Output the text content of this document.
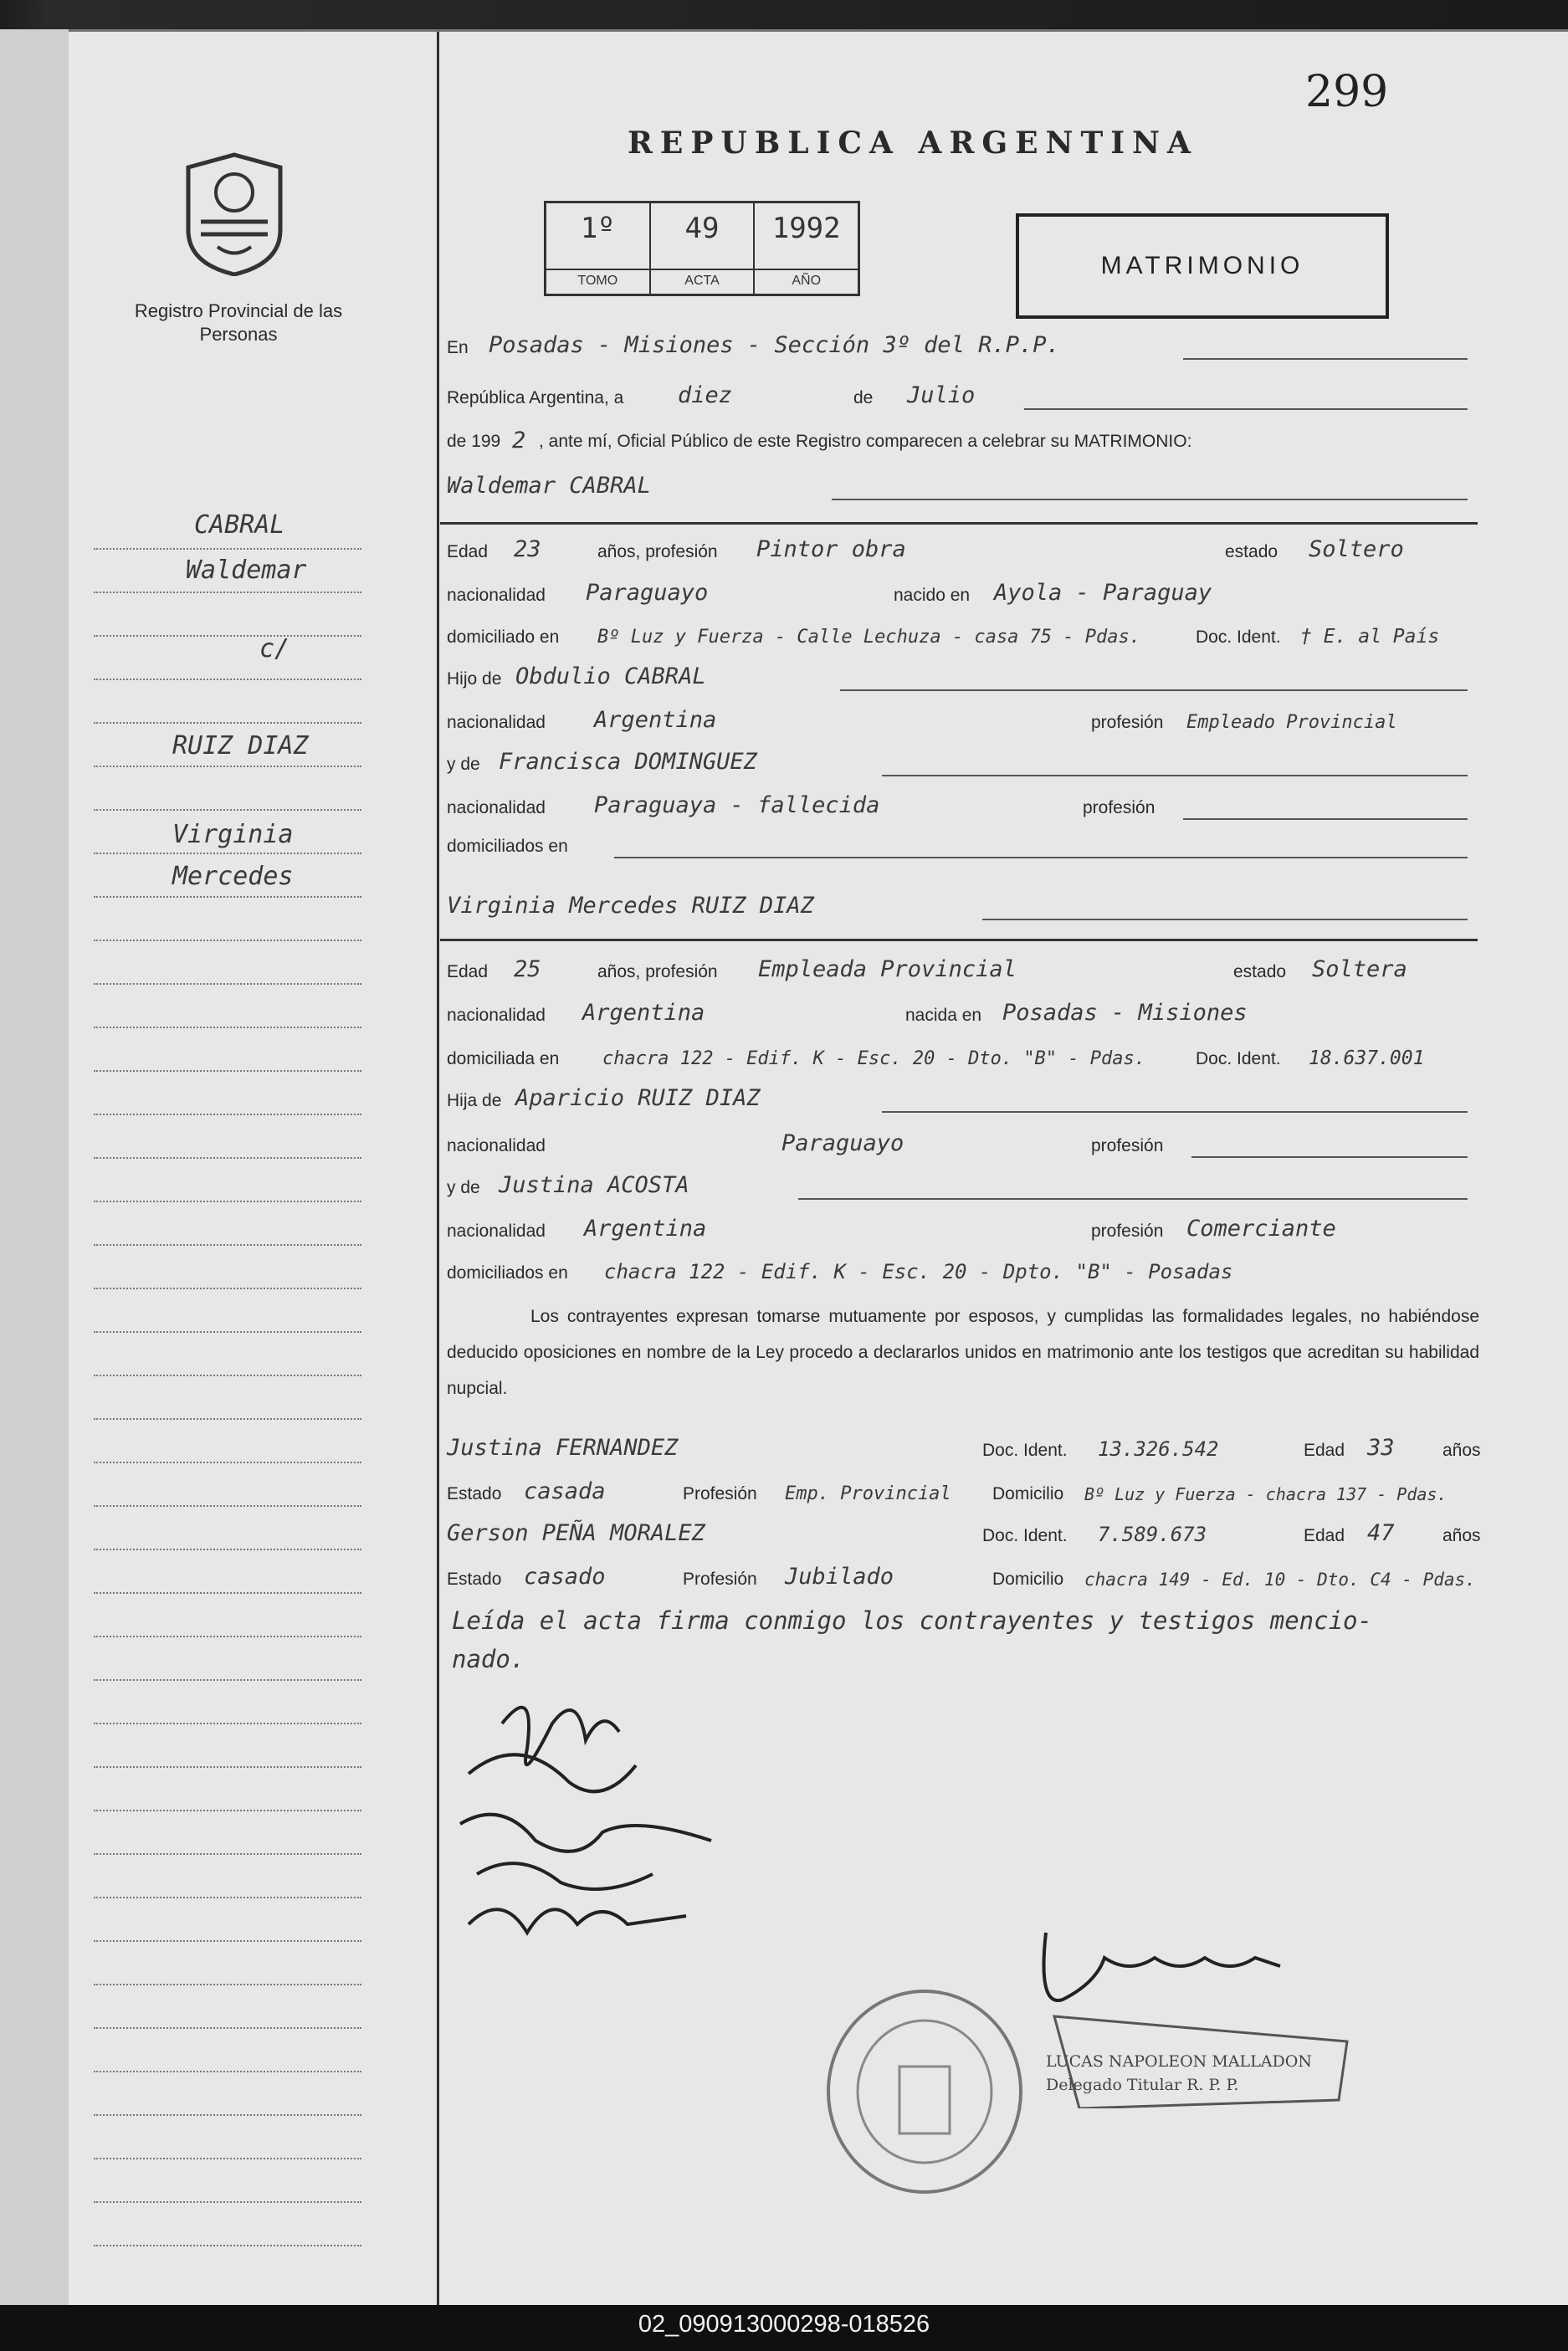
299
REPUBLICA ARGENTINA
Registro Provincial de las Personas
1º
TOMO
49
ACTA
1992
AÑO
MATRIMONIO
En Posadas - Misiones - Sección 3º del R.P.P.
República Argentina, a diez	de Julio
de 199 2 , ante mí, Oficial Público de este Registro comparecen a celebrar su MATRIMONIO:
Waldemar CABRAL
Edad 23	años, profesión Pintor obra	estado Soltero
nacionalidad Paraguayo	nacido en Ayola - Paraguay
domiciliado en Bº Luz y Fuerza - Calle Lechuza - casa 75 - Pdas.	Doc. Ident. † E. al País
Hijo de Obdulio CABRAL
nacionalidad Argentina	profesión Empleado Provincial
y de Francisca DOMINGUEZ
nacionalidad Paraguaya - fallecida	profesión
domiciliados en
Virginia Mercedes RUIZ DIAZ
Edad 25	años, profesión Empleada Provincial	estado Soltera
nacionalidad Argentina	nacida en Posadas - Misiones
domiciliada en chacra 122 - Edif. K - Esc. 20 - Dto. "B" - Pdas.	Doc. Ident. 18.637.001
Hija de Aparicio RUIZ DIAZ
nacionalidad	Paraguayo	profesión
y de Justina ACOSTA
nacionalidad Argentina	profesión Comerciante
domiciliados en chacra 122 - Edif. K - Esc. 20 - Dpto. "B" - Posadas
Los contrayentes expresan tomarse mutuamente por esposos, y cumplidas las formalidades legales, no habiéndose deducido oposiciones en nombre de la Ley procedo a declararlos unidos en matrimonio ante los testigos que acreditan su habilidad nupcial.
Justina FERNANDEZ	Doc. Ident. 13.326.542	Edad 33	años
Estado casada	Profesión Emp. Provincial Domicilio Bº Luz y Fuerza - chacra 137 - Pdas.
Gerson PEÑA MORALEZ	Doc. Ident. 7.589.673	Edad 47	años
Estado casado	Profesión Jubilado	Domicilio chacra 149 - Ed. 10 - Dto. C4 - Pdas.
Leída el acta firma conmigo los contrayentes y testigos mencio-
nado.
CABRAL
Waldemar
c/
RUIZ DIAZ
Virginia
Mercedes
LUCAS NAPOLEON MALLADON
Delegado Titular R. P. P.
02_090913000298-018526
